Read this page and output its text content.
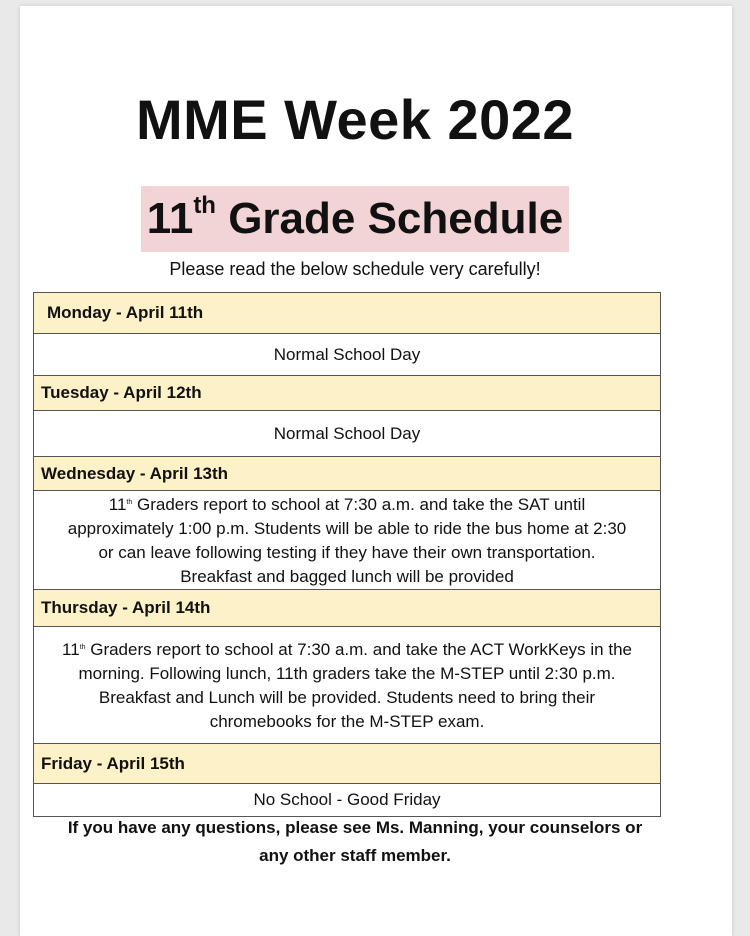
MME Week 2022
11th Grade Schedule
Please read the below schedule very carefully!
Monday - April 11th
Normal School Day
Tuesday - April 12th
Normal School Day
Wednesday - April 13th

11th Graders report to school at 7:30 a.m. and take the SAT until
approximately 1:00 p.m. Students will be able to ride the bus home at 2:30
or can leave following testing if they have their own transportation.
Breakfast and bagged lunch will be provided

Thursday - April 14th

11th Graders report to school at 7:30 a.m. and take the ACT WorkKeys in the
morning. Following lunch, 11th graders take the M-STEP until 2:30 p.m.
Breakfast and Lunch will be provided. Students need to bring their
chromebooks for the M-STEP exam.

Friday - April 15th
No School - Good Friday
If you have any questions, please see Ms. Manning, your counselors or
any other staff member.
